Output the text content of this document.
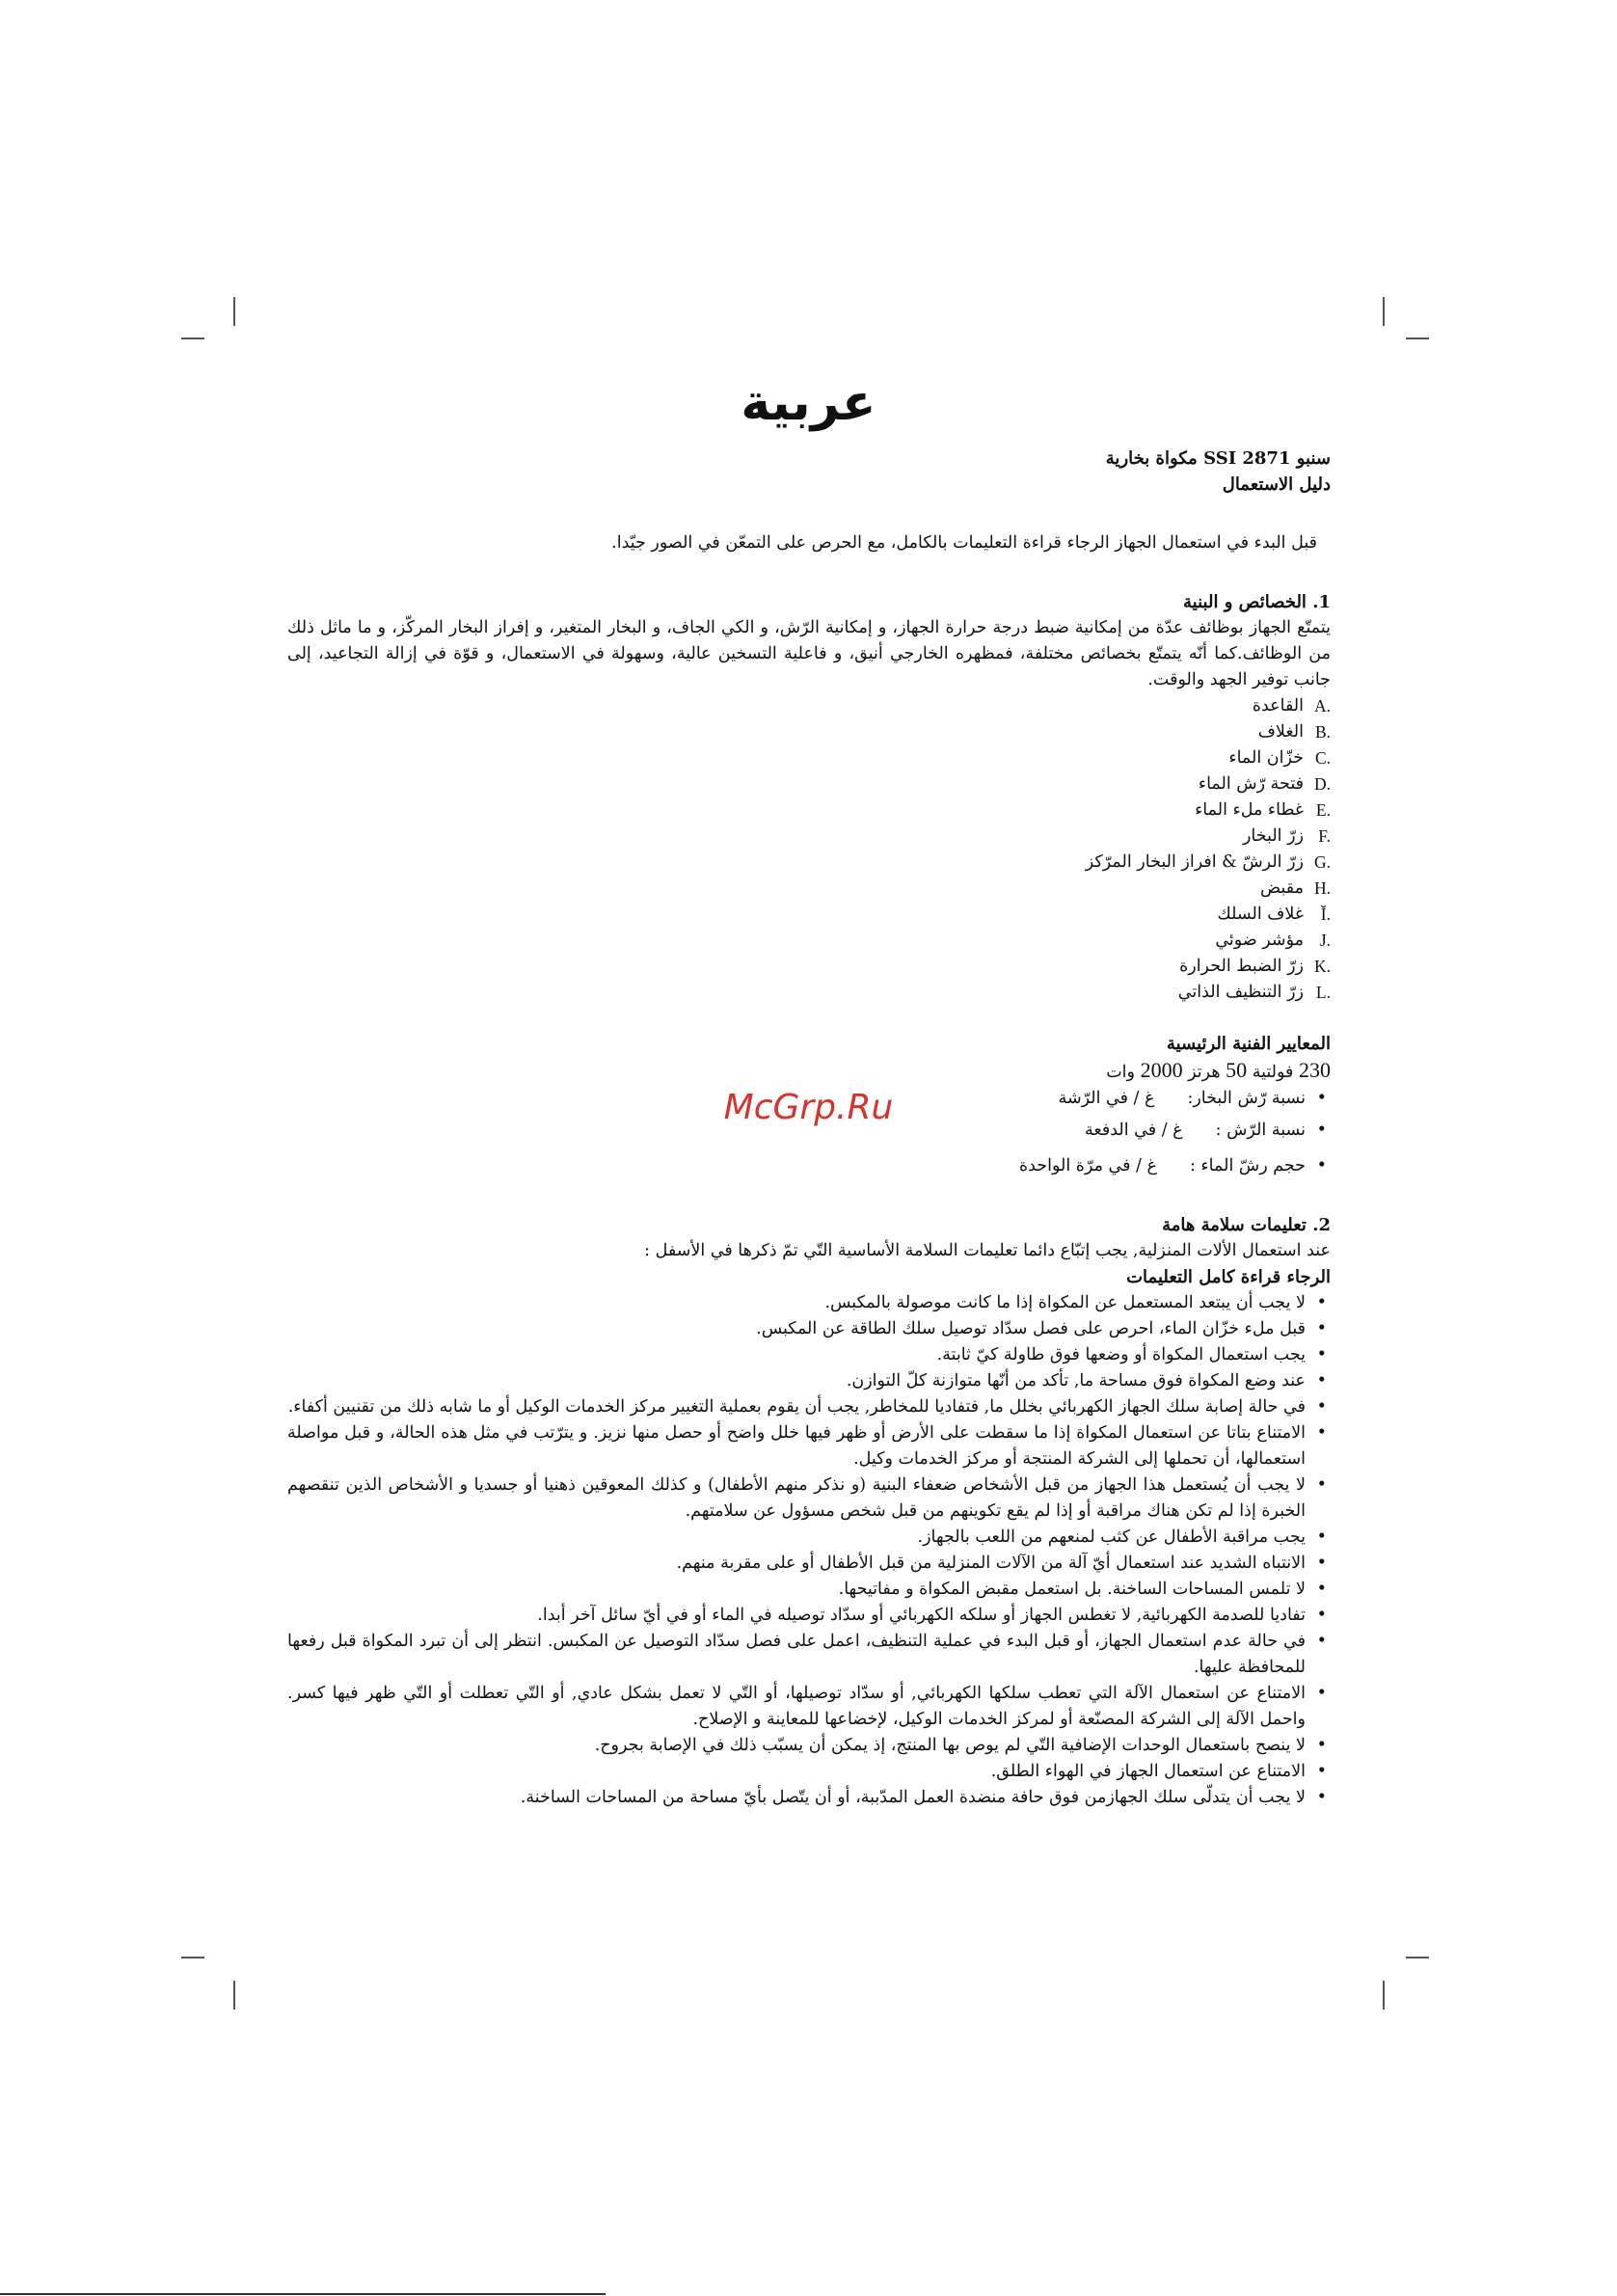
عربية

سنبو SSI 2871 مكواة بخارية

دليل الاستعمال

قبل البدء في استعمال الجهاز الرجاء قراءة التعليمات بالكامل، مع الحرص على التمعّن في الصور جيّدا.

1. الخصائص و البنية

يتمتّع الجهاز بوظائف عدّة من إمكانية ضبط درجة حرارة الجهاز، و إمكانية الرّش، و الكي الجاف، و البخار المتغير، و إفراز البخار المركّز، و ما ماثل ذلك من الوظائف.كما أنّه يتمتّع بخصائص مختلفة، فمظهره الخارجي أنيق، و فاعلية التسخين عالية، وسهولة في الاستعمال، و قوّة في إزالة التجاعيد، إلى جانب توفير الجهد والوقت.

A.
القاعدة
B.
الغلاف
C.
خزّان الماء
D.
فتحة رّش الماء
E.
غطاء ملء الماء
F.
زرّ البخار
G.
زرّ الرشّ & افراز البخار المرّكز
H.
مقبض
Ĭ.
غلاف السلك
J.
مؤشر ضوئي
K.
زرّ الضبط الحرارة
L.
زرّ التنظيف الذاتي

المعايير الفنية الرئيسية

230 فولتية 50 هرتز 2000 وات

• نسبة رّش البخار:
غ / في الرّشة
• نسبة الرّش :
غ / في الدفعة
• حجم رشّ الماء :
غ / في مرّة الواحدة

2. تعليمات سلامة هامة

عند استعمال الألات المنزلية, يجب إتبّاع دائما تعليمات السلامة الأساسية التّي تمّ ذكرها في الأسفل :

الرجاء قراءة كامل التعليمات

• لا يجب أن يبتعد المستعمل عن المكواة إذا ما كانت موصولة بالمكبس.
• قبل ملء خزّان الماء، احرص على فصل سدّاد توصيل سلك الطاقة عن المكبس.
• يجب استعمال المكواة أو وضعها فوق طاولة كيّ ثابتة.
• عند وضع المكواة فوق مساحة ما, تأكد من أنّها متوازنة كلّ التوازن.
• في حالة إصابة سلك الجهاز الكهربائي بخلل ما, فتفاديا للمخاطر, يجب أن يقوم بعملية التغيير مركز الخدمات الوكيل أو ما شابه ذلك من تقنيين أكفاء.
• الامتناع بتاتا عن استعمال المكواة إذا ما سقطت على الأرض أو ظهر فيها خلل واضح أو حصل منها نزيز. و يترّتب في مثل هذه الحالة، و قبل مواصلة استعمالها، أن تحملها إلى الشركة المنتجة أو مركز الخدمات وكيل.
• لا يجب أن يُستعمل هذا الجهاز من قبل الأشخاص ضعفاء البنية (و نذكر منهم الأطفال) و كذلك المعوقين ذهنيا أو جسديا و الأشخاص الذين تنقصهم الخبرة إذا لم تكن هناك مراقبة أو إذا لم يقع تكوينهم من قبل شخص مسؤول عن سلامتهم.
• يجب مراقبة الأطفال عن كثب لمنعهم من اللعب بالجهاز.
• الانتباه الشديد عند استعمال أيّ آلة من الآلات المنزلية من قبل الأطفال أو على مقربة منهم.
• لا تلمس المساحات الساخنة. بل استعمل مقبض المكواة و مفاتيحها.
• تفاديا للصدمة الكهربائية, لا تغطس الجهاز أو سلكه الكهربائي أو سدّاد توصيله في الماء أو في أيّ سائل آخر أبدا.
• في حالة عدم استعمال الجهاز، أو قبل البدء في عملية التنظيف، اعمل على فصل سدّاد التوصيل عن المكبس. انتظر إلى أن تبرد المكواة قبل رفعها للمحافظة عليها.
• الامتناع عن استعمال الآلة التي تعطب سلكها الكهربائي, أو سدّاد توصيلها، أو التّي لا تعمل بشكل عادي, أو التّي تعطلت أو التّي ظهر فيها كسر. واحمل الآلة إلى الشركة المصنّعة أو لمركز الخدمات الوكيل، لإخضاعها للمعاينة و الإصلاح.
• لا ينصح باستعمال الوحدات الإضافية التّي لم يوص بها المنتج، إذ يمكن أن يسبّب ذلك في الإصابة بجروح.
• الامتناع عن استعمال الجهاز في الهواء الطلق.
• لا يجب أن يتدلّى سلك الجهازمن فوق حافة منضدة العمل المدّببة، أو أن يتّصل بأيّ مساحة من المساحات الساخنة.

McGrp.Ru
